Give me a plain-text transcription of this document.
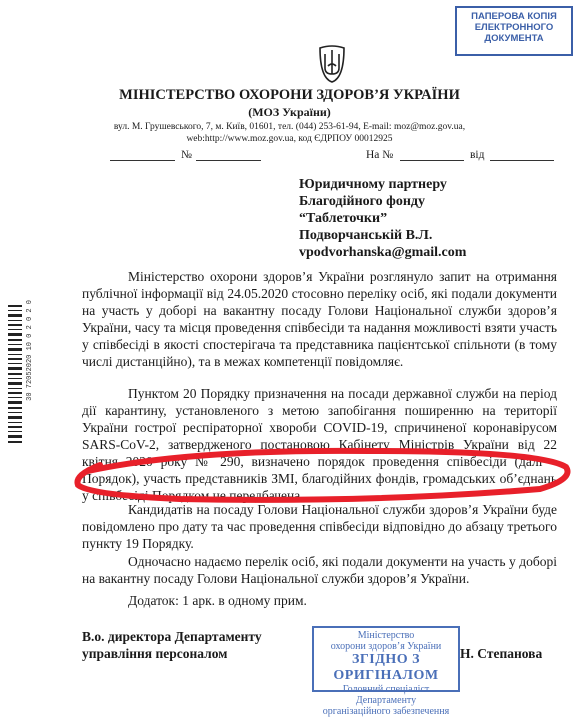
ПАПЕРОВА КОПІЯ
ЕЛЕКТРОННОГО
ДОКУМЕНТА
МІНІСТЕРСТВО ОХОРОНИ ЗДОРОВ’Я УКРАЇНИ
(МОЗ України)
вул. М. Грушевського, 7, м. Київ, 01601, тел. (044) 253-61-94, E-mail: moz@moz.gov.ua,
web:http://www.moz.gov.ua, код ЄДРПОУ 00012925
№	На №	від
Юридичному партнеру
Благодійного фонду
“Таблеточки”
Подворчанській В.Л.
vpodvorhanska@gmail.com
30 72052020 10 0 2 0 2 0
Міністерство охорони здоров’я України розглянуло запит на отримання публічної інформації від 24.05.2020 стосовно переліку осіб, які подали документи на участь у доборі на вакантну посаду Голови Національної служби здоров’я України, часу та місця проведення співбесіди та надання можливості взяти участь у співбесіді в якості спостерігача та представника пацієнтської спільноти (в тому числі дистанційно), та в межах компетенції повідомляє.
Пунктом 20 Порядку призначення на посади державної служби на період дії карантину, установленого з метою запобігання поширенню на території України гострої респіраторної хвороби COVID-19, спричиненої коронавірусом SARS-CoV-2, затвердженого постановою Кабінету Міністрів України від 22 квітня 2020 року № 290, визначено порядок проведення співбесіди (далі – Порядок), участь представників ЗМІ, благодійних фондів, громадських об’єднань у співбесіді Порядком не передбачена.
Кандидатів на посаду Голови Національної служби здоров’я України буде повідомлено про дату та час проведення співбесіди відповідно до абзацу третього пункту 19 Порядку.
Одночасно надаємо перелік осіб, які подали документи на участь у доборі на вакантну посаду Голови Національної служби здоров’я України.
Додаток: 1 арк. в одному прим.
В.о. директора Департаменту
управління персоналом	Н. Степанова
Міністерство
охорони здоров’я України
ЗГІДНО З ОРИГІНАЛОМ
Головний спеціаліст Департаменту
організаційного забезпечення
